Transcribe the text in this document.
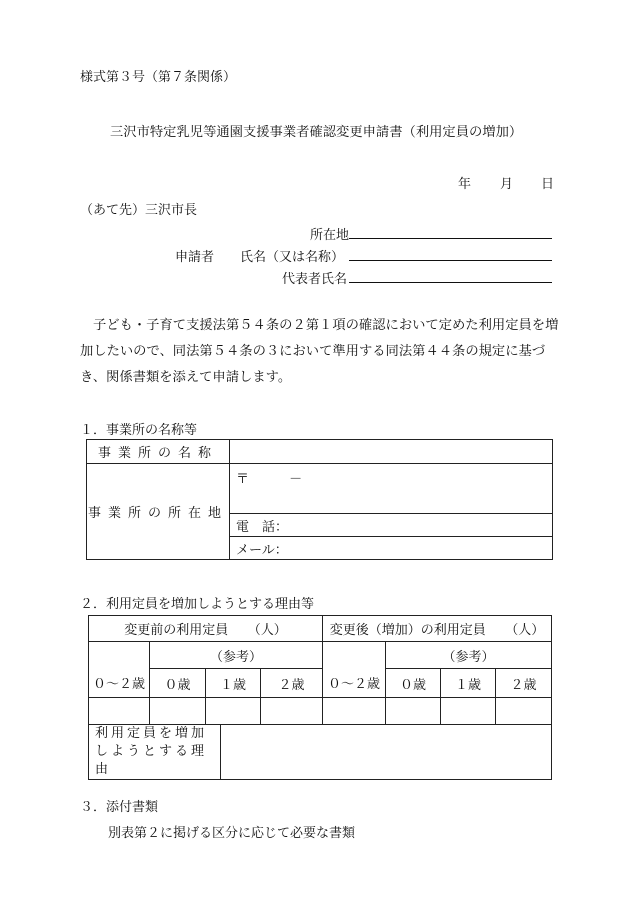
様式第３号（第７条関係）
三沢市特定乳児等通園支援事業者確認変更申請書（利用定員の増加）
年 月 日
（あて先）三沢市長
所在地
申請者 氏名（又は名称）
代表者氏名
子ども・子育て支援法第５４条の２第１項の確認において定めた利用定員を増加したいので、同法第５４条の３において準用する同法第４４条の規定に基づき、関係書類を添えて申請します。
１．事業所の名称等
事業所の名称	
事業所の所在地	〒 －
	電　話：
	メール：
２．利用定員を増加しようとする理由等
変更前の利用定員　　（人）				変更後（増加）の利用定員　　（人）			
	（参考）				（参考）		
０～２歳	０歳	１歳	２歳	０～２歳	０歳	１歳	２歳

利用定員を増加
しようとする理由

３．添付書類
別表第２に掲げる区分に応じて必要な書類
